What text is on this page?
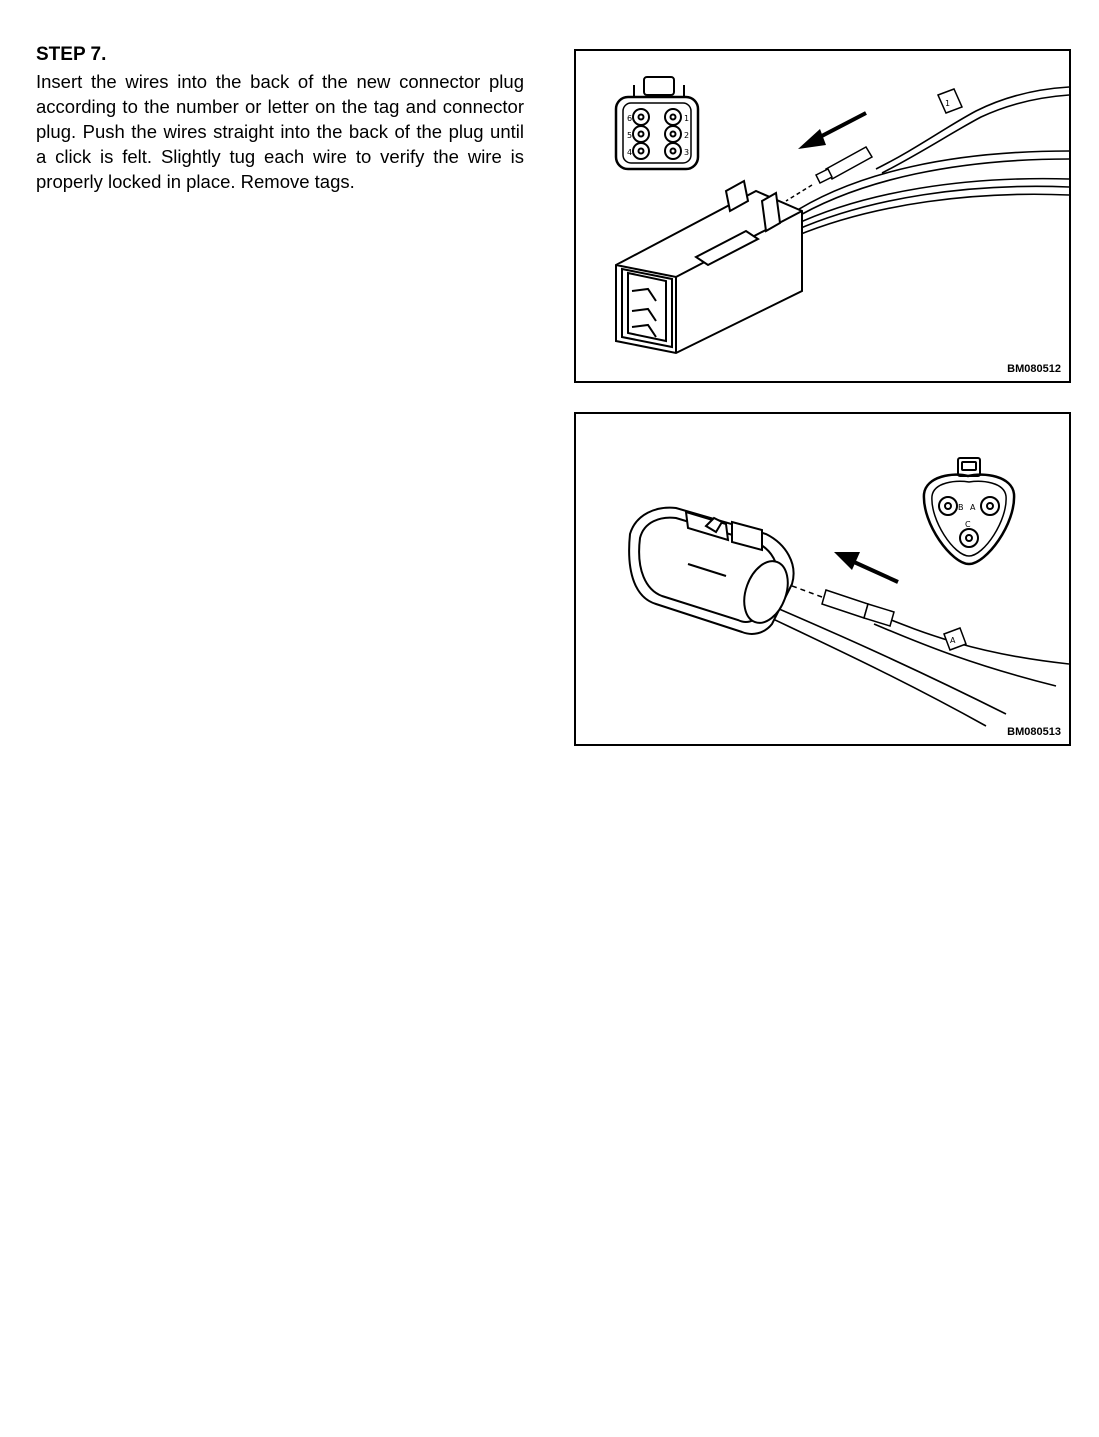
STEP 7.

Insert the wires into the back of the new connector plug according to the number or letter on the tag and connector plug. Push the wires straight into the back of the plug until a click is felt. Slightly tug each wire to verify the wire is properly locked in place. Remove tags.

6
5
4
1
2
3
1
BM080512
B A
C
A
BM080513
